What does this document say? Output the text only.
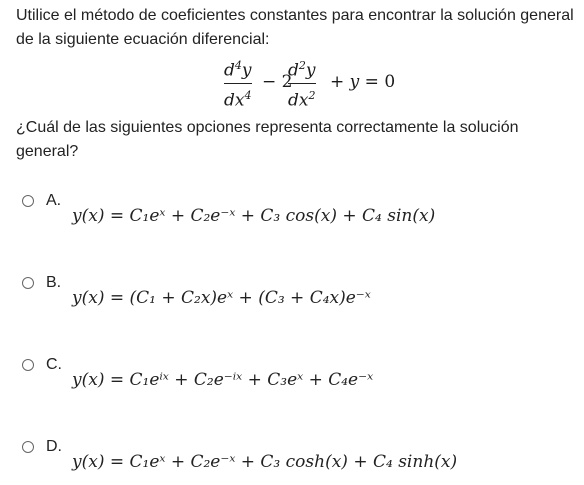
Utilice el método de coeficientes constantes para encontrar la solución general de la siguiente ecuación diferencial:
$d^4y$
$dx^4$
− 2
$d^2y$
$dx^2$
+ y = 0
¿Cuál de las siguientes opciones representa correctamente la solución general?
A.
y(x) = C₁eˣ + C₂e⁻ˣ + C₃ cos(x) + C₄ sin(x)
B.
y(x) = (C₁ + C₂x)eˣ + (C₃ + C₄x)e⁻ˣ
C.
y(x) = C₁eⁱˣ + C₂e⁻ⁱˣ + C₃eˣ + C₄e⁻ˣ
D.
y(x) = C₁eˣ + C₂e⁻ˣ + C₃ cosh(x) + C₄ sinh(x)
